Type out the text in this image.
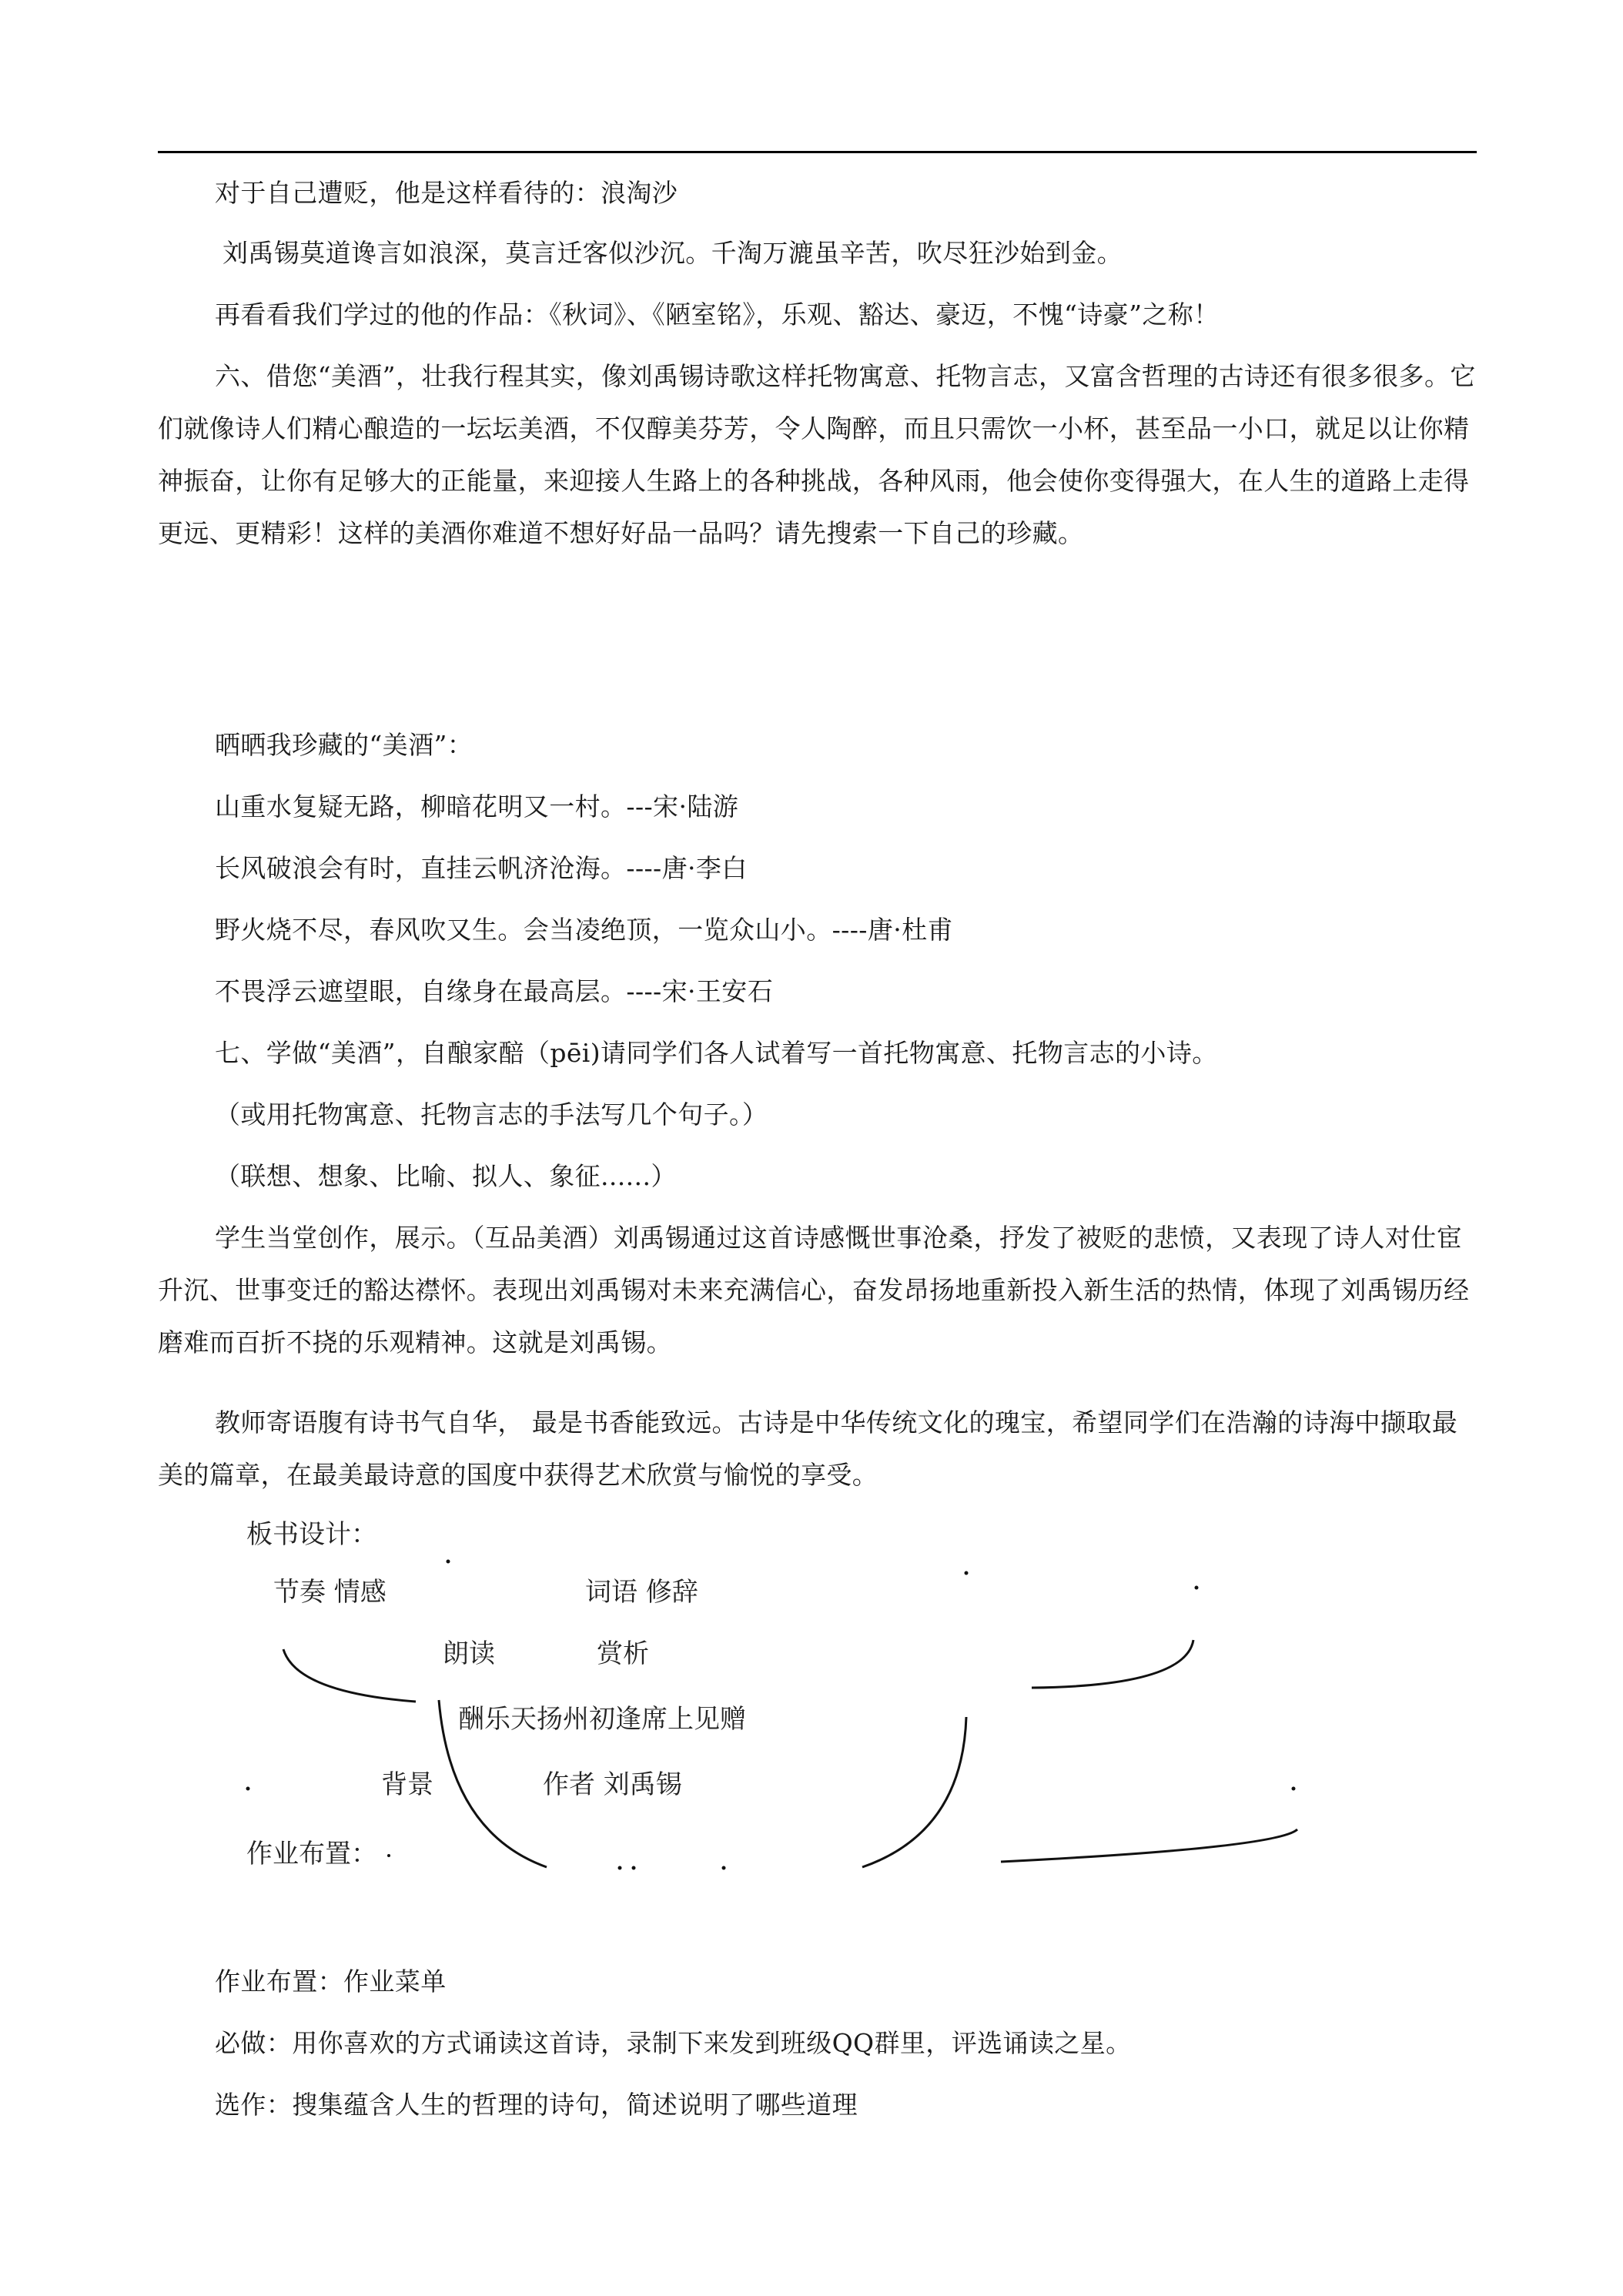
对于自己遭贬，他是这样看待的：浪淘沙

刘禹锡莫道谗言如浪深，莫言迁客似沙沉。千淘万漉虽辛苦，吹尽狂沙始到金。

再看看我们学过的他的作品：《秋词》、《陋室铭》，乐观、豁达、豪迈，不愧“诗豪”之称！

六、借您“美酒”，壮我行程其实，像刘禹锡诗歌这样托物寓意、托物言志，又富含哲理的古诗还有很多很多。它们就像诗人们精心酿造的一坛坛美酒，不仅醇美芬芳，令人陶醉，而且只需饮一小杯，甚至品一小口，就足以让你精神振奋，让你有足够大的正能量，来迎接人生路上的各种挑战，各种风雨，他会使你变得强大，在人生的道路上走得更远、更精彩！这样的美酒你难道不想好好品一品吗？请先搜索一下自己的珍藏。

晒晒我珍藏的“美酒”：

山重水复疑无路，柳暗花明又一村。---宋·陆游

长风破浪会有时，直挂云帆济沧海。----唐·李白

野火烧不尽，春风吹又生。会当凌绝顶，一览众山小。----唐·杜甫

不畏浮云遮望眼，自缘身在最高层。----宋·王安石

七、学做“美酒”，自酿家醅（pēi)请同学们各人试着写一首托物寓意、托物言志的小诗。

（或用托物寓意、托物言志的手法写几个句子。）

（联想、想象、比喻、拟人、象征......）

学生当堂创作，展示。（互品美酒）刘禹锡通过这首诗感慨世事沧桑，抒发了被贬的悲愤，又表现了诗人对仕宦升沉、世事变迁的豁达襟怀。表现出刘禹锡对未来充满信心，奋发昂扬地重新投入新生活的热情，体现了刘禹锡历经磨难而百折不挠的乐观精神。这就是刘禹锡。

教师寄语腹有诗书气自华， 最是书香能致远。古诗是中华传统文化的瑰宝，希望同学们在浩瀚的诗海中撷取最美的篇章，在最美最诗意的国度中获得艺术欣赏与愉悦的享受。

板书设计：
节奏 情感	词语 修辞
朗读	赏析
酬乐天扬州初逢席上见赠
背景	作者 刘禹锡
作业布置：

作业布置：作业菜单

必做：用你喜欢的方式诵读这首诗，录制下来发到班级QQ群里，评选诵读之星。

选作：搜集蕴含人生的哲理的诗句，简述说明了哪些道理
